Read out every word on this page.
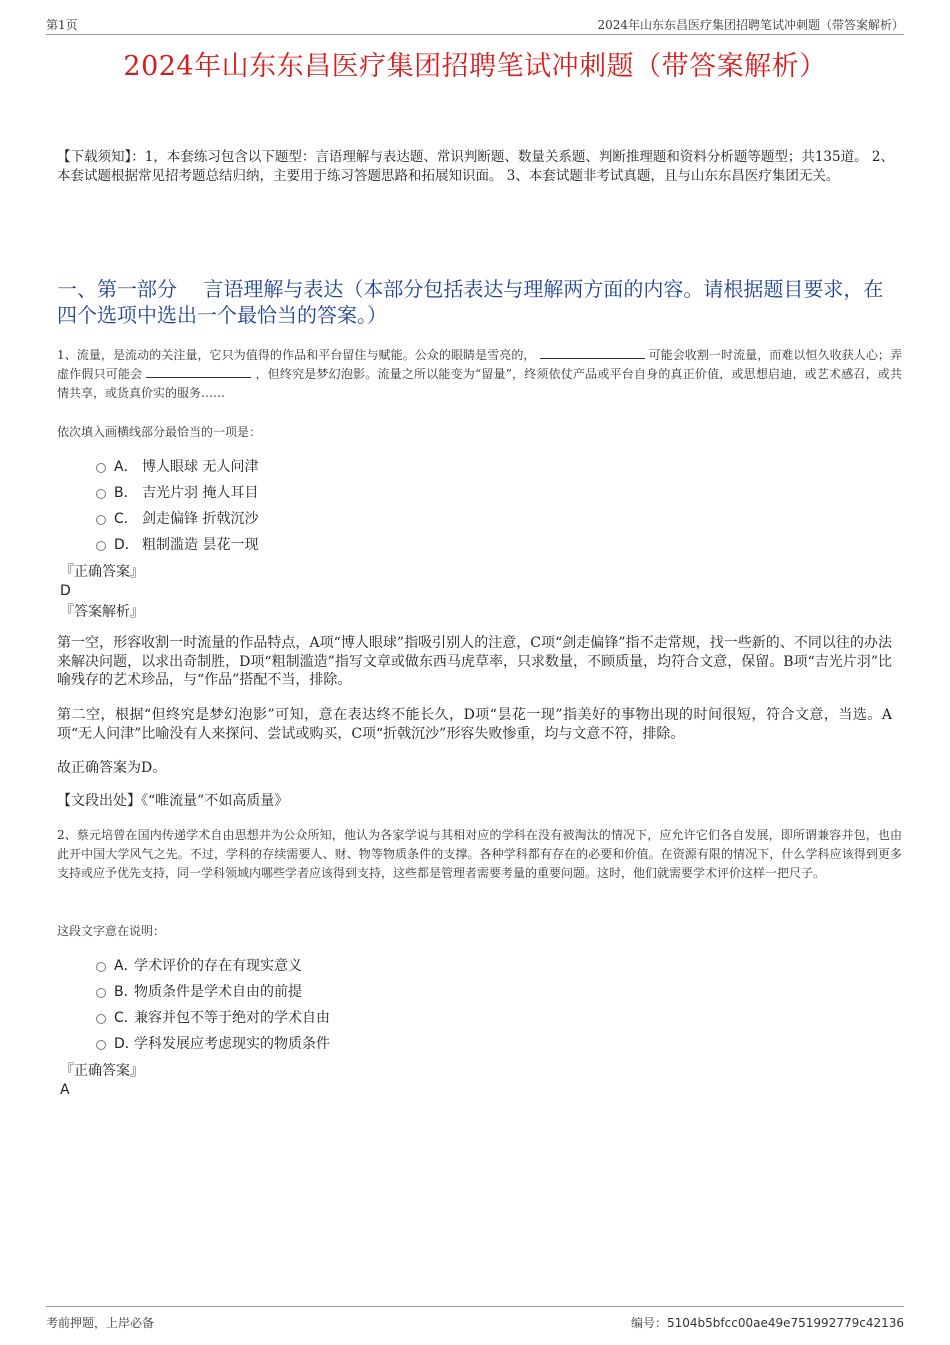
第1页	2024年山东东昌医疗集团招聘笔试冲刺题（带答案解析）
2024年山东东昌医疗集团招聘笔试冲刺题（带答案解析）
【下载须知】：1，本套练习包含以下题型：言语理解与表达题、常识判断题、数量关系题、判断推理题和资料分析题等题型；共135道。 2、本套试题根据常见招考题总结归纳，主要用于练习答题思路和拓展知识面。 3、本套试题非考试真题，且与山东东昌医疗集团无关。
一、第一部分　 言语理解与表达（本部分包括表达与理解两方面的内容。请根据题目要求，在四个选项中选出一个最恰当的答案。）
1、流量，是流动的关注量，它只为值得的作品和平台留住与赋能。公众的眼睛是雪亮的，	可能会收割一时流量，而难以恒久收获人心；弄虚作假只可能会	，但终究是梦幻泡影。流量之所以能变为“留量”，终须依仗产品或平台自身的真正价值，或思想启迪，或艺术感召，或共情共享，或货真价实的服务……
依次填入画横线部分最恰当的一项是：
A． 博人眼球 无人问津
B． 吉光片羽 掩人耳目
C． 剑走偏锋 折戟沉沙
D． 粗制滥造 昙花一现
『正确答案』
D
『答案解析』
第一空，形容收割一时流量的作品特点，A项“博人眼球”指吸引别人的注意，C项“剑走偏锋”指不走常规，找一些新的、不同以往的办法来解决问题，以求出奇制胜，D项“粗制滥造”指写文章或做东西马虎草率，只求数量，不顾质量，均符合文意，保留。B项“吉光片羽”比喻残存的艺术珍品，与“作品”搭配不当，排除。
第二空，根据“但终究是梦幻泡影”可知，意在表达终不能长久，D项“昙花一现”指美好的事物出现的时间很短，符合文意，当选。A项“无人问津”比喻没有人来探问、尝试或购买，C项“折戟沉沙”形容失败惨重，均与文意不符，排除。
故正确答案为D。
【文段出处】《“唯流量”不如高质量》
2、蔡元培曾在国内传递学术自由思想并为公众所知，他认为各家学说与其相对应的学科在没有被淘汰的情况下，应允许它们各自发展，即所谓兼容并包，也由此开中国大学风气之先。不过，学科的存续需要人、财、物等物质条件的支撑。各种学科都有存在的必要和价值。在资源有限的情况下，什么学科应该得到更多支持或应予优先支持，同一学科领域内哪些学者应该得到支持，这些都是管理者需要考量的重要问题。这时，他们就需要学术评价这样一把尺子。
这段文字意在说明：
A．
学术评价的存在有现实意义
B．
物质条件是学术自由的前提
C．
兼容并包不等于绝对的学术自由
D．
学科发展应考虑现实的物质条件
『正确答案』
A
考前押题，上岸必备	编号：5104b5bfcc00ae49e751992779c42136
